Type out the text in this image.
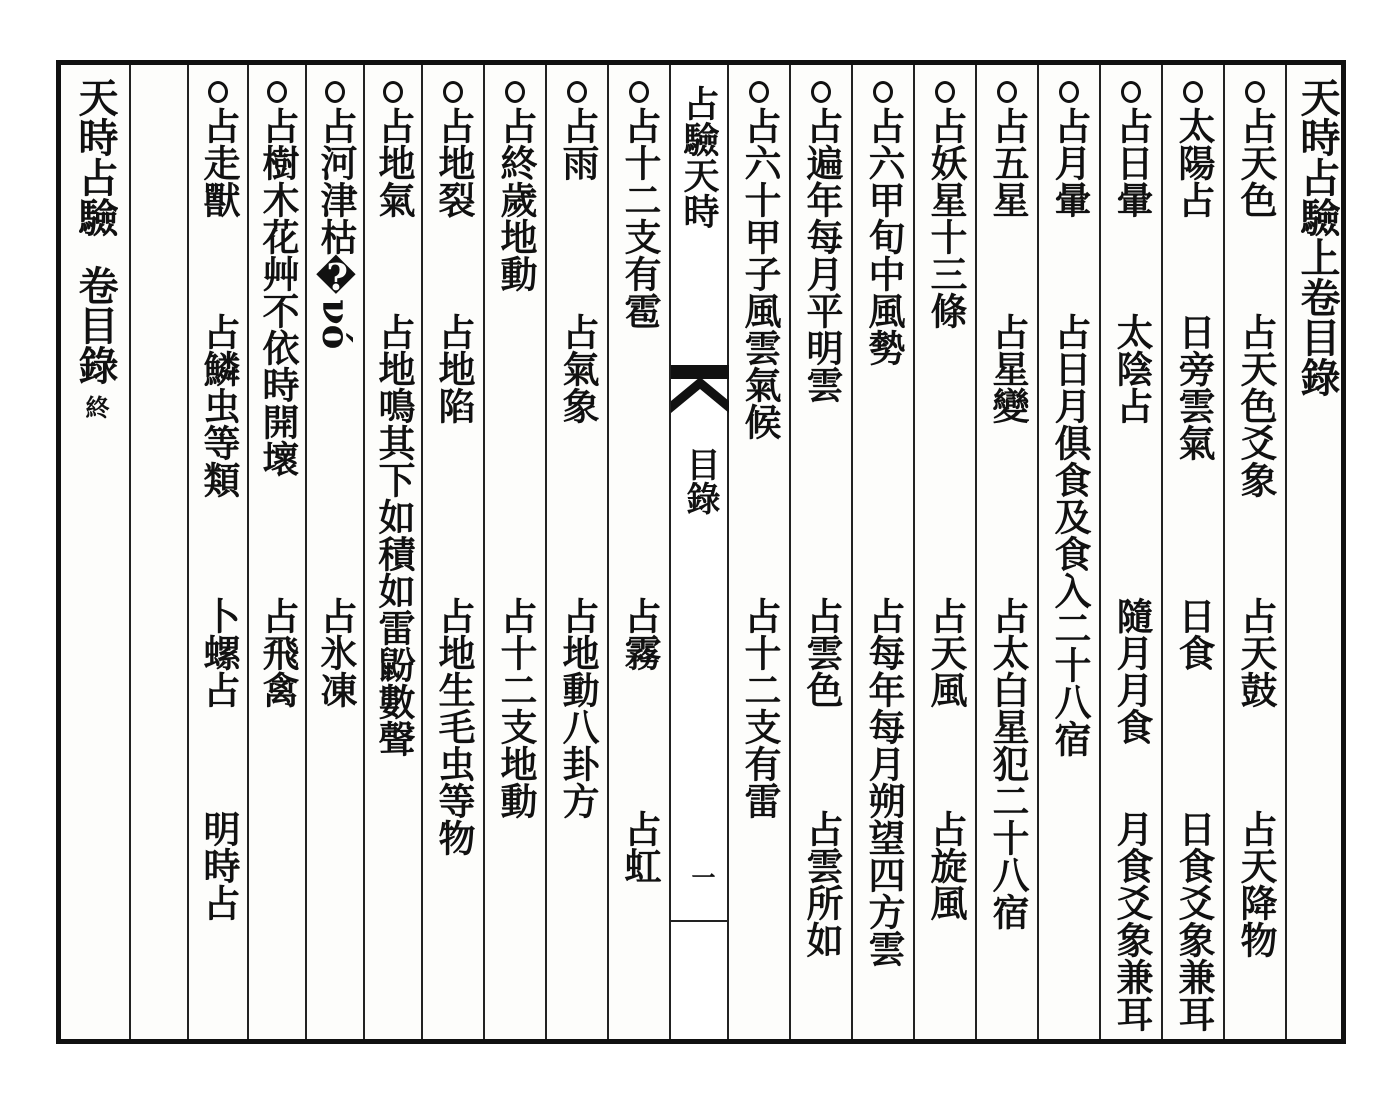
天時占驗上卷目錄
占天色
占天色爻象
占天鼓
占天降物
太陽占
日旁雲氣
日食
日食爻象兼耳
占日暈
太陰占
隨月月食
月食爻象兼耳
占月暈
占日月俱食及食入二十八宿
占五星
占星變
占太白星犯二十八宿
占妖星十三條
占天風
占旋風
占六甲旬中風勢
占每年每月朔望四方雲
占遍年每月平明雲
占雲色
占雲所如
占六十甲子風雲氣候
占十二支有雷
占驗天時
目錄
一
占十二支有雹
占霧
占虹
占雨
占氣象
占地動八卦方
占終歲地動
占十二支地動
占地裂
占地陷
占地生毛虫等物
占地氣
占地鳴其下如積如雷鼢數聲
占河津枯�νό
占氷凍
占樹木花艸不依時開壞
占飛禽
占走獸
占鱗虫等類
卜螺占
明時占
天時占驗
卷目錄
終
